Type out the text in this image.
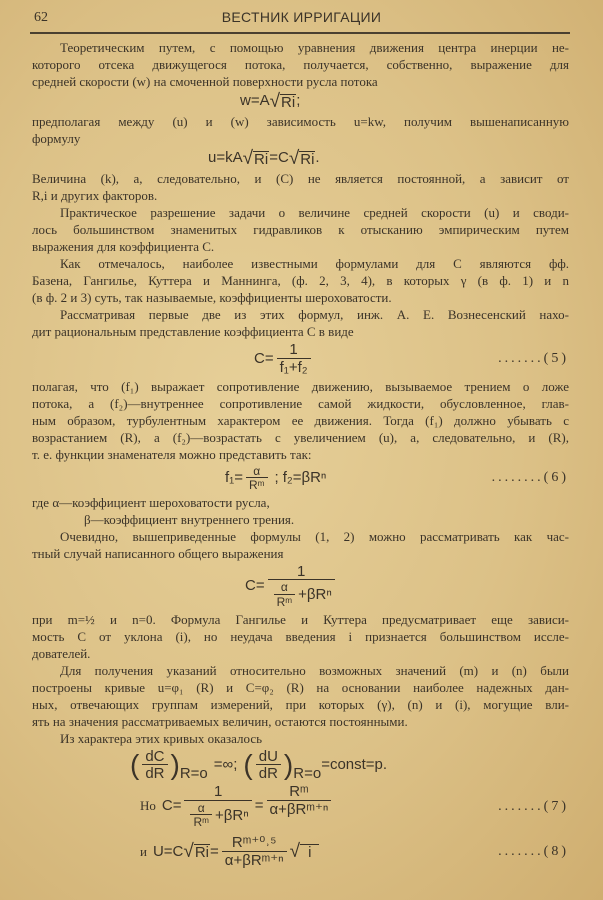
62	ВЕСТНИК ИРРИГАЦИИ
Теоретическим путем, с помощью уравнения движения центра инерции не-
которого отсека движущегося потока, получается, собственно, выражение для
средней скорости (w) на смоченной поверхности русла потока
w=A √ Ri ;
предполагая между (u) и (w) зависимость u=kw, получим вышенаписанную
формулу
u=kA √ Ri =C √ Ri .
Величина (k), a, следовательно, и (C) не является постоянной, а зависит от
R,i и других факторов.
Практическое разрешение задачи о величине средней скорости (u) и своди-
лось большинством знаменитых гидравликов к отысканию эмпирическим путем
выражения для коэффициента C.
Как отмечалось, наиболее известными формулами для C являются фф.
Базена, Гангилье, Куттера и Маннинга, (ф. 2, 3, 4), в которых γ (в ф. 1) и n
(в ф. 2 и 3) суть, так называемые, коэффициенты шероховатости.
Рассматривая первые две из этих формул, инж. А. Е. Вознесенский нахо-
дит рациональным представление коэффициента C в виде
$C= \frac{1}{\text{f₁+f₂}}$	.......(5)
полагая, что (f₁) выражает сопротивление движению, вызываемое трением о ложе
потока, а (f₂)—внутреннее сопротивление самой жидкости, обусловленное, глав-
ным образом, турбулентным характером ее движения. Тогда (f₁) должно убывать с
возрастанием (R), а (f₂)—возрастать с увеличением (u), а, следовательно, и (R),
т. е. функции знаменателя можно представить так:
$f_1= \frac{\alpha}{\text{Rᵐ}}$ ; f₂=βRⁿ	........(6)
где α—коэффициент шероховатости русла,
β—коэффициент внутреннего трения.
Очевидно, вышеприведенные формулы (1, 2) можно рассматривать как час-
тный случай написанного общего выражения
$C= \frac{1}{\frac{\alpha}{\text{Rᵐ}} +\beta R^n}$
при m=½ и n=0. Формула Гангилье и Куттера предусматривает еще зависи-
мость C от уклона (i), но неудача введения i признается большинством иссле-
дователей.
Для получения указаний относительно возможных значений (m) и (n) были
построены кривые u=φ₁ (R) и C=φ₂ (R) на основании наиболее надежных дан-
ных, отвечающих группам измерений, при которых (γ), (n) и (i), могущие вли-
ять на значения рассматриваемых величин, остаются постоянными.
Из характера этих кривых оказалось
( $\frac{dC}{dR}$ ) R=o =∞; ( $\frac{dU}{dR}$ ) R=o =const=p.
Но $C= \frac{1}{\frac{\alpha}{\text{Rᵐ}} +\beta R^n} = \frac{\text{Rᵐ}}{\text{α+βRᵐ⁺ⁿ}}$	.......(7)
и U=C √ $Ri = \frac{\text{Rᵐ⁺⁰˒⁵}}{\text{α+βRᵐ⁺ⁿ}}$ √ i	.......(8)
